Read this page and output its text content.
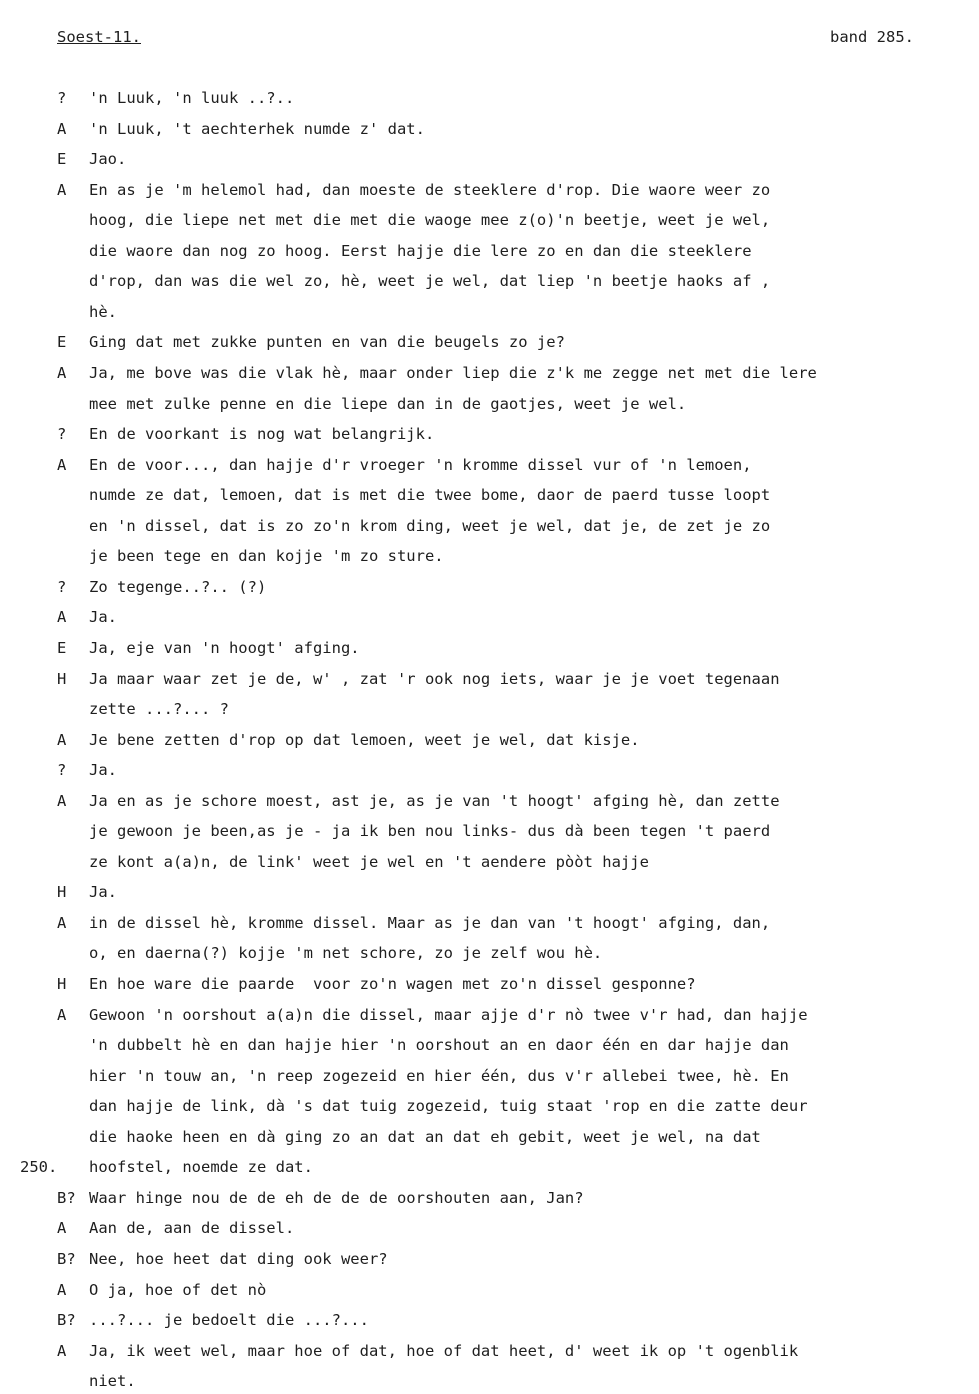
Soest-11.	band 285.
? 'n Luuk, 'n luuk ..?..
A 'n Luuk, 't aechterhek numde z' dat.
E Jao.
A En as je 'm helemol had, dan moeste de steeklere d'rop. Die waore weer zo
hoog, die liepe net met die met die waoge mee z(o)'n beetje, weet je wel,
die waore dan nog zo hoog. Eerst hajje die lere zo en dan die steeklere
d'rop, dan was die wel zo, hè, weet je wel, dat liep 'n beetje haoks af ,
hè.
E Ging dat met zukke punten en van die beugels zo je?
A Ja, me bove was die vlak hè, maar onder liep die z'k me zegge net met die lere
mee met zulke penne en die liepe dan in de gaotjes, weet je wel.
? En de voorkant is nog wat belangrijk.
A En de voor..., dan hajje d'r vroeger 'n kromme dissel vur of 'n lemoen,
numde ze dat, lemoen, dat is met die twee bome, daor de paerd tusse loopt
en 'n dissel, dat is zo zo'n krom ding, weet je wel, dat je, de zet je zo
je been tege en dan kojje 'm zo sture.
? Zo tegenge..?.. (?)
A Ja.
E Ja, eje van 'n hoogt' afging.
H Ja maar waar zet je de, w' , zat 'r ook nog iets, waar je je voet tegenaan
zette ...?... ?
A Je bene zetten d'rop op dat lemoen, weet je wel, dat kisje.
? Ja.
A Ja en as je schore moest, ast je, as je van 't hoogt' afging hè, dan zette
je gewoon je been,as je - ja ik ben nou links- dus dà been tegen 't paerd
ze kont a(a)n, de link' weet je wel en 't aendere pòòt hajje
H Ja.
A in de dissel hè, kromme dissel. Maar as je dan van 't hoogt' afging, dan,
o, en daerna(?) kojje 'm net schore, zo je zelf wou hè.
H En hoe ware die paarde  voor zo'n wagen met zo'n dissel gesponne?
A Gewoon 'n oorshout a(a)n die dissel, maar ajje d'r nò twee v'r had, dan hajje
'n dubbelt hè en dan hajje hier 'n oorshout an en daor één en dar hajje dan
hier 'n touw an, 'n reep zogezeid en hier één, dus v'r allebei twee, hè. En
dan hajje de link, dà 's dat tuig zogezeid, tuig staat 'rop en die zatte deur
die haoke heen en dà ging zo an dat an dat eh gebit, weet je wel, na dat
hoofstel, noemde ze dat.
250.
B? Waar hinge nou de de eh de de de oorshouten aan, Jan?
A Aan de, aan de dissel.
B? Nee, hoe heet dat ding ook weer?
A O ja, hoe of det nò
B? ...?... je bedoelt die ...?...
A Ja, ik weet wel, maar hoe of dat, hoe of dat heet, d' weet ik op 't ogenblik
niet.
